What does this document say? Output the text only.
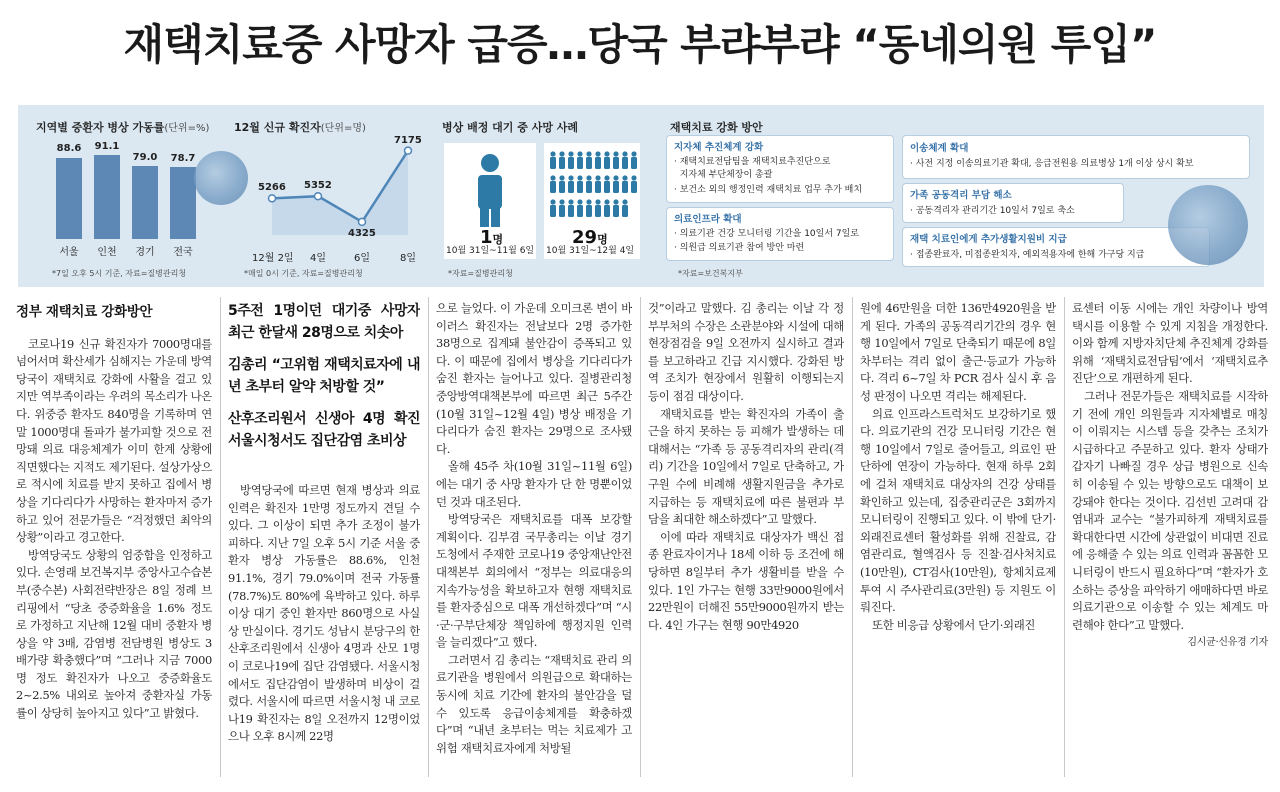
재택치료중 사망자 급증…당국 부랴부랴 “동네의원 투입”
지역별 중환자 병상 가동률(단위=%)
88.6
서울
91.1
인천
79.0
경기
78.7
전국
*7일 오후 5시 기준, 자료=질병관리청
12월 신규 확진자(단위=명)
5266
12월 2일
5352
4일
4325
6일
7175
8일
*매일 0시 기준, 자료=질병관리청
병상 배정 대기 중 사망 사례
1명
10월 31일~11월 6일
29명
10월 31일~12월 4일
*자료=질병관리청
재택치료 강화 방안
지자체 추진체계 강화
· 재택치료전담팀을 재택치료추진단으로
지자체 부단체장이 총괄
· 보건소 외의 행정인력 재택치료 업무 추가 배치
의료인프라 확대
· 의료기관 건강 모니터링 기간을 10일서 7일로
· 의원급 의료기관 참여 방안 마련
*자료=보건복지부
이송체계 확대
· 사전 지정 이송의료기관 확대, 응급전원용 의료병상 1개 이상 상시 확보
가족 공동격리 부담 해소
· 공동격리자 관리기간 10일서 7일로 축소
재택 치료인에게 추가생활지원비 지급
· 접종완료자, 미접종완치자, 예외적용자에 한해 가구당 지급
정부 재택치료 강화방안

코로나19 신규 확진자가 7000명대를 넘어서며 확산세가 심해지는 가운데 방역당국이 재택치료 강화에 사활을 걸고 있지만 역부족이라는 우려의 목소리가 나온다. 위중증 환자도 840명을 기록하며 연말 1000명대 돌파가 불가피할 것으로 전망돼 의료 대응체계가 이미 한계 상황에 직면했다는 지적도 제기된다. 설상가상으로 적시에 치료를 받지 못하고 집에서 병상을 기다리다가 사망하는 환자마저 증가하고 있어 전문가들은 “걱정했던 최악의 상황”이라고 경고한다.

방역당국도 상황의 엄중함을 인정하고 있다. 손영래 보건복지부 중앙사고수습본부(중수본) 사회전략반장은 8일 정례 브리핑에서 “당초 중증화율을 1.6% 정도로 가정하고 지난해 12월 대비 중환자 병상을 약 3배, 감염병 전담병원 병상도 3배가량 확충했다”며 “그러나 지금 7000명 정도 확진자가 나오고 중증화율도 2~2.5% 내외로 높아져 중환자실 가동률이 상당히 높아지고 있다”고 밝혔다.

5주전 1명이던 대기중 사망자 최근 한달새 28명으로 치솟아
김총리 “고위험 재택치료자에 내년 초부터 알약 처방할 것”
산후조리원서 신생아 4명 확진 서울시청서도 집단감염 초비상

방역당국에 따르면 현재 병상과 의료 인력은 확진자 1만명 정도까지 견딜 수 있다. 그 이상이 되면 추가 조정이 불가피하다. 지난 7일 오후 5시 기준 서울 중환자 병상 가동률은 88.6%, 인천 91.1%, 경기 79.0%이며 전국 가동률(78.7%)도 80%에 육박하고 있다. 하루 이상 대기 중인 환자만 860명으로 사실상 만실이다. 경기도 성남시 분당구의 한 산후조리원에서 신생아 4명과 산모 1명이 코로나19에 집단 감염됐다. 서울시청에서도 집단감염이 발생하며 비상이 걸렸다. 서울시에 따르면 서울시청 내 코로나19 확진자는 8일 오전까지 12명이었으나 오후 8시께 22명

으로 늘었다. 이 가운데 오미크론 변이 바이러스 확진자는 전날보다 2명 증가한 38명으로 집계돼 불안감이 증폭되고 있다. 이 때문에 집에서 병상을 기다리다가 숨진 환자는 늘어나고 있다. 질병관리청 중앙방역대책본부에 따르면 최근 5주간(10월 31일~12월 4일) 병상 배정을 기다리다가 숨진 환자는 29명으로 조사됐다.

올해 45주 차(10월 31일~11월 6일)에는 대기 중 사망 환자가 단 한 명뿐이었던 것과 대조된다.

방역당국은 재택치료를 대폭 보강할 계획이다. 김부겸 국무총리는 이날 경기도청에서 주재한 코로나19 중앙재난안전대책본부 회의에서 “정부는 의료대응의 지속가능성을 확보하고자 현행 재택치료를 환자중심으로 대폭 개선하겠다”며 “시·군·구부단체장 책임하에 행정지원 인력을 늘리겠다”고 했다.

그러면서 김 총리는 “재택치료 관리 의료기관을 병원에서 의원급으로 확대하는 동시에 치료 기간에 환자의 불안감을 덜 수 있도록 응급이송체계를 확충하겠다”며 “내년 초부터는 먹는 치료제가 고위험 재택치료자에게 처방될

것”이라고 말했다. 김 총리는 이날 각 정부부처의 수장은 소관분야와 시설에 대해 현장점검을 9일 오전까지 실시하고 결과를 보고하라고 긴급 지시했다. 강화된 방역 조치가 현장에서 원활히 이행되는지 등이 점검 대상이다.

재택치료를 받는 확진자의 가족이 출근을 하지 못하는 등 피해가 발생하는 데 대해서는 “가족 등 공동격리자의 관리(격리) 기간을 10일에서 7일로 단축하고, 가구원 수에 비례해 생활지원금을 추가로 지급하는 등 재택치료에 따른 불편과 부담을 최대한 해소하겠다”고 말했다.

이에 따라 재택치료 대상자가 백신 접종 완료자이거나 18세 이하 등 조건에 해당하면 8일부터 추가 생활비를 받을 수 있다. 1인 가구는 현행 33만9000원에서 22만원이 더해진 55만9000원까지 받는다. 4인 가구는 현행 90만4920

원에 46만원을 더한 136만4920원을 받게 된다. 가족의 공동격리기간의 경우 현행 10일에서 7일로 단축되기 때문에 8일 차부터는 격리 없이 출근·등교가 가능하다. 격리 6~7일 차 PCR 검사 실시 후 음성 판정이 나오면 격리는 해제된다.

의료 인프라스트럭처도 보강하기로 했다. 의료기관의 건강 모니터링 기간은 현행 10일에서 7일로 줄어들고, 의료인 판단하에 연장이 가능하다. 현재 하루 2회에 걸쳐 재택치료 대상자의 건강 상태를 확인하고 있는데, 집중관리군은 3회까지 모니터링이 진행되고 있다. 이 밖에 단기·외래진료센터 활성화를 위해 진찰료, 감염관리료, 혈액검사 등 진찰·검사처치료(10만원), CT검사(10만원), 항체치료제 투여 시 주사관리료(3만원) 등 지원도 이뤄진다.

또한 비응급 상황에서 단기·외래진

료센터 이동 시에는 개인 차량이나 방역택시를 이용할 수 있게 지침을 개정한다. 이와 함께 지방자치단체 추진체계 강화를 위해 ‘재택치료전담팀’에서 ‘재택치료추진단’으로 개편하게 된다.

그러나 전문가들은 재택치료를 시작하기 전에 개인 의원들과 지자체별로 매칭이 이뤄지는 시스템 등을 갖추는 조치가 시급하다고 주문하고 있다. 환자 상태가 갑자기 나빠질 경우 상급 병원으로 신속히 이송될 수 있는 방향으로도 대책이 보강돼야 한다는 것이다. 김선빈 고려대 감염내과 교수는 “불가피하게 재택치료를 확대한다면 시간에 상관없이 비대면 진료에 응해줄 수 있는 의료 인력과 꼼꼼한 모니터링이 반드시 필요하다”며 “환자가 호소하는 증상을 파악하기 애매하다면 바로 의료기관으로 이송할 수 있는 체계도 마련해야 한다”고 말했다.

김시균·신유경 기자
